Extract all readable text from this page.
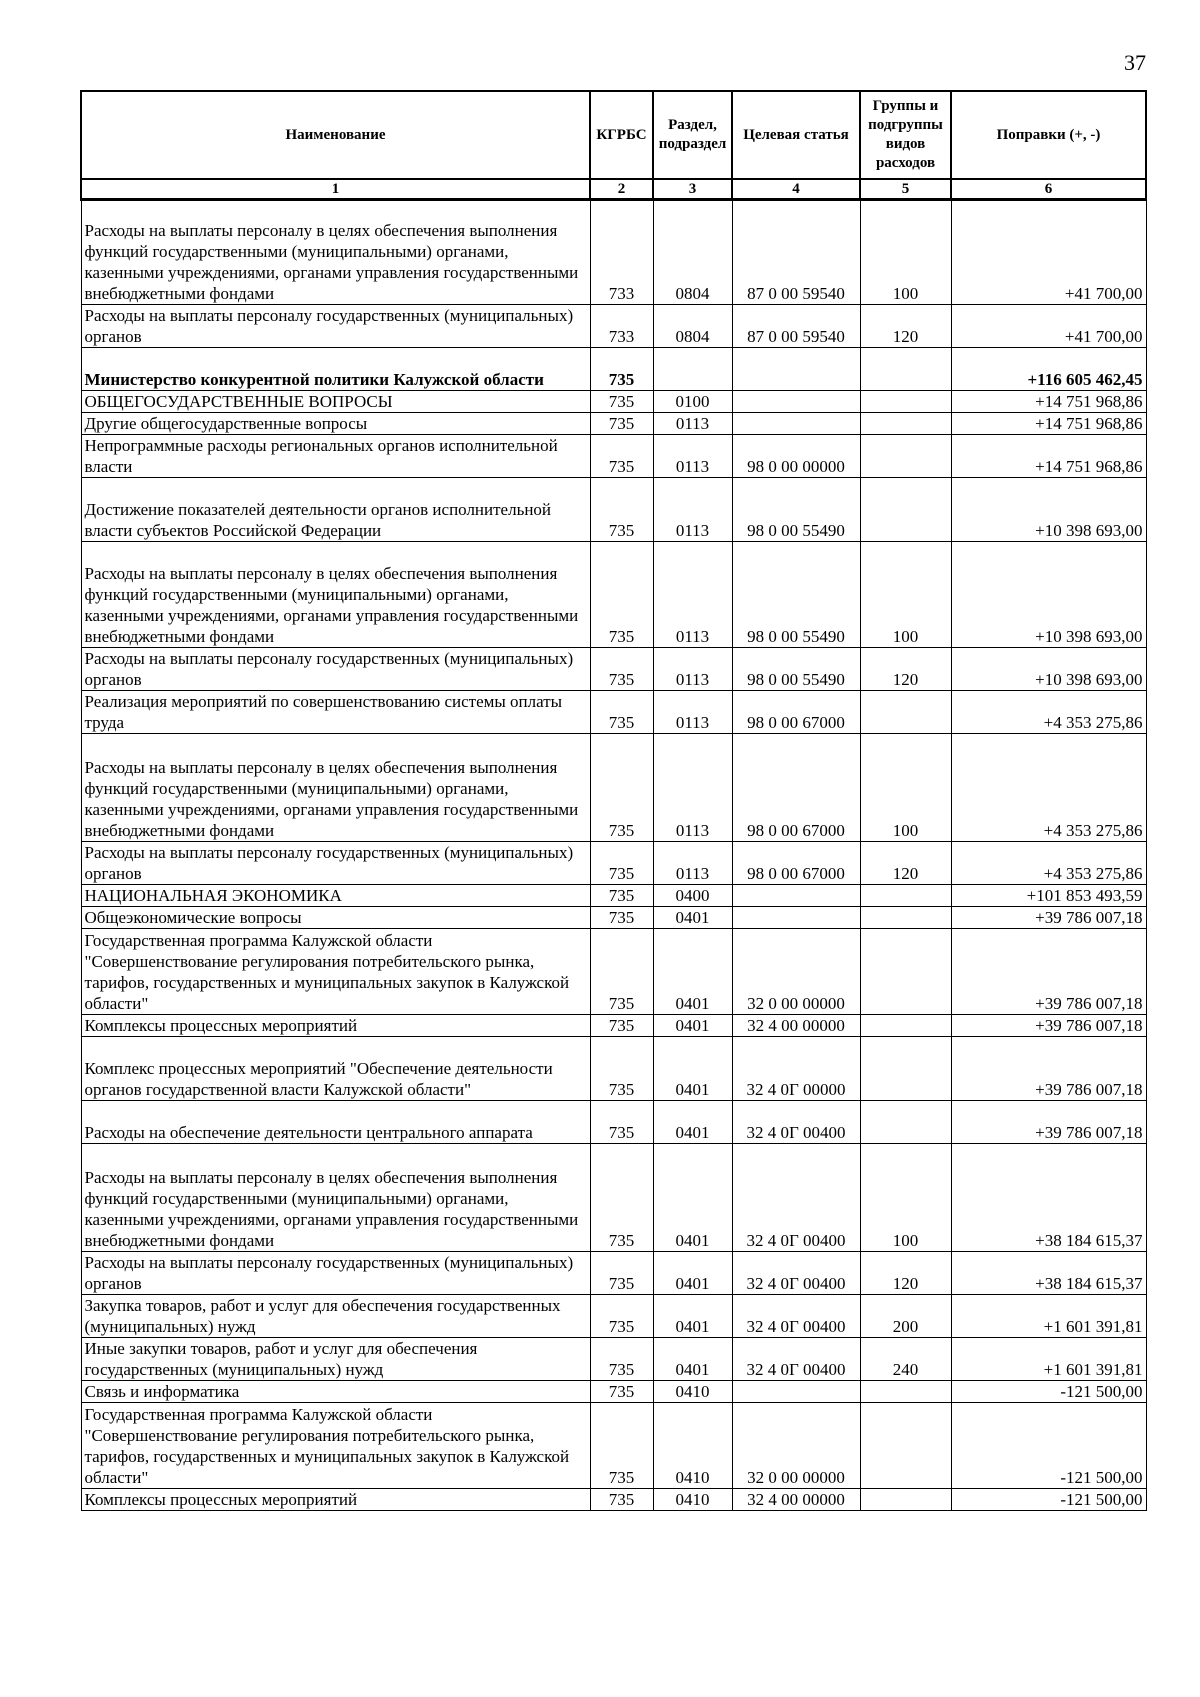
37
Наименование	КГРБС	Раздел, подраздел	Целевая статья	Группы и подгруппы видов расходов	Поправки (+, -)
1	2	3	4	5	6
Расходы на выплаты персоналу в целях обеспечения выполнения функций государственными (муниципальными) органами, казенными учреждениями, органами управления государственными внебюджетными фондами	733	0804	87 0 00 59540	100	+41 700,00
Расходы на выплаты персоналу государственных (муниципальных) органов	733	0804	87 0 00 59540	120	+41 700,00
Министерство конкурентной политики Калужской области	735				+116 605 462,45
ОБЩЕГОСУДАРСТВЕННЫЕ ВОПРОСЫ	735	0100			+14 751 968,86
Другие общегосударственные вопросы	735	0113			+14 751 968,86
Непрограммные расходы региональных органов исполнительной власти	735	0113	98 0 00 00000		+14 751 968,86
Достижение показателей деятельности органов исполнительной власти субъектов Российской Федерации	735	0113	98 0 00 55490		+10 398 693,00
Расходы на выплаты персоналу в целях обеспечения выполнения функций государственными (муниципальными) органами, казенными учреждениями, органами управления государственными внебюджетными фондами	735	0113	98 0 00 55490	100	+10 398 693,00
Расходы на выплаты персоналу государственных (муниципальных) органов	735	0113	98 0 00 55490	120	+10 398 693,00
Реализация мероприятий по совершенствованию системы оплаты труда	735	0113	98 0 00 67000		+4 353 275,86
Расходы на выплаты персоналу в целях обеспечения выполнения функций государственными (муниципальными) органами, казенными учреждениями, органами управления государственными внебюджетными фондами	735	0113	98 0 00 67000	100	+4 353 275,86
Расходы на выплаты персоналу государственных (муниципальных) органов	735	0113	98 0 00 67000	120	+4 353 275,86
НАЦИОНАЛЬНАЯ ЭКОНОМИКА	735	0400			+101 853 493,59
Общеэкономические вопросы	735	0401			+39 786 007,18
Государственная программа Калужской области "Совершенствование регулирования потребительского рынка, тарифов, государственных и муниципальных закупок в Калужской области"	735	0401	32 0 00 00000		+39 786 007,18
Комплексы процессных мероприятий	735	0401	32 4 00 00000		+39 786 007,18
Комплекс процессных мероприятий "Обеспечение деятельности органов государственной власти Калужской области"	735	0401	32 4 0Г 00000		+39 786 007,18
Расходы на обеспечение деятельности центрального аппарата	735	0401	32 4 0Г 00400		+39 786 007,18
Расходы на выплаты персоналу в целях обеспечения выполнения функций государственными (муниципальными) органами, казенными учреждениями, органами управления государственными внебюджетными фондами	735	0401	32 4 0Г 00400	100	+38 184 615,37
Расходы на выплаты персоналу государственных (муниципальных) органов	735	0401	32 4 0Г 00400	120	+38 184 615,37
Закупка товаров, работ и услуг для обеспечения государственных (муниципальных) нужд	735	0401	32 4 0Г 00400	200	+1 601 391,81
Иные закупки товаров, работ и услуг для обеспечения государственных (муниципальных) нужд	735	0401	32 4 0Г 00400	240	+1 601 391,81
Связь и информатика	735	0410			-121 500,00
Государственная программа Калужской области "Совершенствование регулирования потребительского рынка, тарифов, государственных и муниципальных закупок в Калужской области"	735	0410	32 0 00 00000		-121 500,00
Комплексы процессных мероприятий	735	0410	32 4 00 00000		-121 500,00
